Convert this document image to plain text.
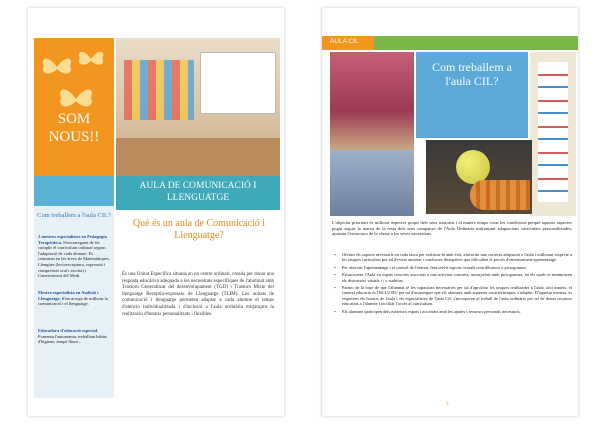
SOM NOUS!!
AULA DE COMUNICACIÓ I LLENGUATGE
Com treballem a l'aula CIL?
2 mestres especialistes en Pedagogia Terapèutica. S'encarreguen de fer complir el currículum ordinari segons l'adaptació de cada alumne. Es centraran en les àrees de Matemàtiques, Llengües (lectoescriptura, expressió i comprensió oral i escrita) i Coneixement del Medi.
Mestra especialista en Audició i Llenguatge. S'encarrega de millorar la comunicació i el llenguatge.
Educadora d'educació especial. Fomenta l'autonomia, treballant hàbits d'higiene, temps lliure...
Què és un aula de Comunicació i Llenguatge?
És una Unitat Específica situada en un centre ordinari, creada per donar una resposta educativa adequada a les necessitats específiques de l'alumnat amb Trastorn Generalitzat del desenvolupament (TGD) i Trastorn Mixte del llenguatge Receptiu-expressiu de Llenguatge (TLIM). Les unitats de comunicació i llenguatge permeten adaptar a cada alumne el temps d'atenció individualitzada i d'inclusió a l'aula ordinària mitjançant la realització d'horaris personalitzats i flexibles.
AULA CIL
Com treballem a l'aula CIL?
L'objectiu prioritari és millorar aspectes propis dels seus trastorns i al mateix temps crear les condicions perquè aquests aspectes pugui seguir la marxa de la resta dels seus companys de l'Aula Ordinària mitjançant adaptacions curriculars personalitzades, ajustant l'estructura de la classe a les seves necessitats.
▪ Oferim els suports necessaris en cada tasca per realitzar-la amb èxit, afavorint una correcta adaptació a l'aula i millorant respecte a les tasques curriculars per tal d'evitar ansietat i conductes disruptives que dificulten el procés d'ensenyament-aprenentatge.
▪ Per afavorir l'aprenentatge i el control de l'entorn, fem servir suports visuals com dibuixos o pictogrames
▪ Estructurem l'Aula en espais concrets associats a una activitat concreta, assenyalats amb pictogrames, en els quals es minimitzen els distractors visuals i / o auditius.
▪ Partim de la base de que l'alumnat té les capacitats necessàries per tal d'aprofitar les tasques realitzades a l'aula, així mateix, el context educatiu és INCLUSIU per tal d'aconseguir que els alumnes amb aquestes característiques s'adaptin. D'aquesta manera, es respecten els horaris de l'aula i els especialistes de l'aula CiL s'incorporen al treball de l'aula ordinària per tal de donar recursos educatius a l'alumne i facilitar l'accés al currículum.
▪ Els alumnes participen dels mateixos espais i activitats amb les ajudes i recursos personals necessaris.
3
